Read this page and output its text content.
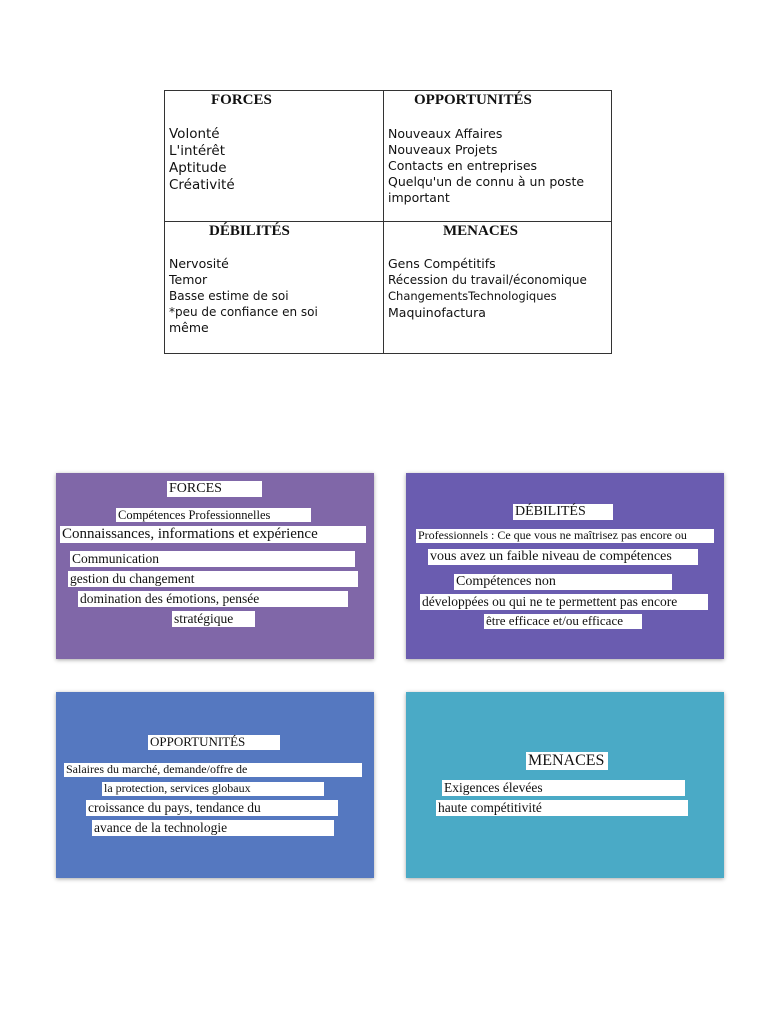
FORCES
Volonté
L'intérêt
Aptitude
Créativité
OPPORTUNITÉS
Nouveaux Affaires
Nouveaux Projets
Contacts en entreprises
Quelqu'un de connu à un poste
important
DÉBILITÉS
Nervosité
Temor
Basse estime de soi
*peu de confiance en soi
même
MENACES
Gens Compétitifs
Récession du travail/économique
ChangementsTechnologiques
Maquinofactura
FORCES
Compétences Professionnelles
Connaissances, informations et expérience
Communication
gestion du changement
domination des émotions, pensée
stratégique
DÉBILITÉS
Professionnels : Ce que vous ne maîtrisez pas encore ou
vous avez un faible niveau de compétences
Compétences non
développées ou qui ne te permettent pas encore
être efficace et/ou efficace
OPPORTUNITÉS
Salaires du marché, demande/offre de
la protection, services globaux
croissance du pays, tendance du
avance de la technologie
MENACES
Exigences élevées
haute compétitivité
